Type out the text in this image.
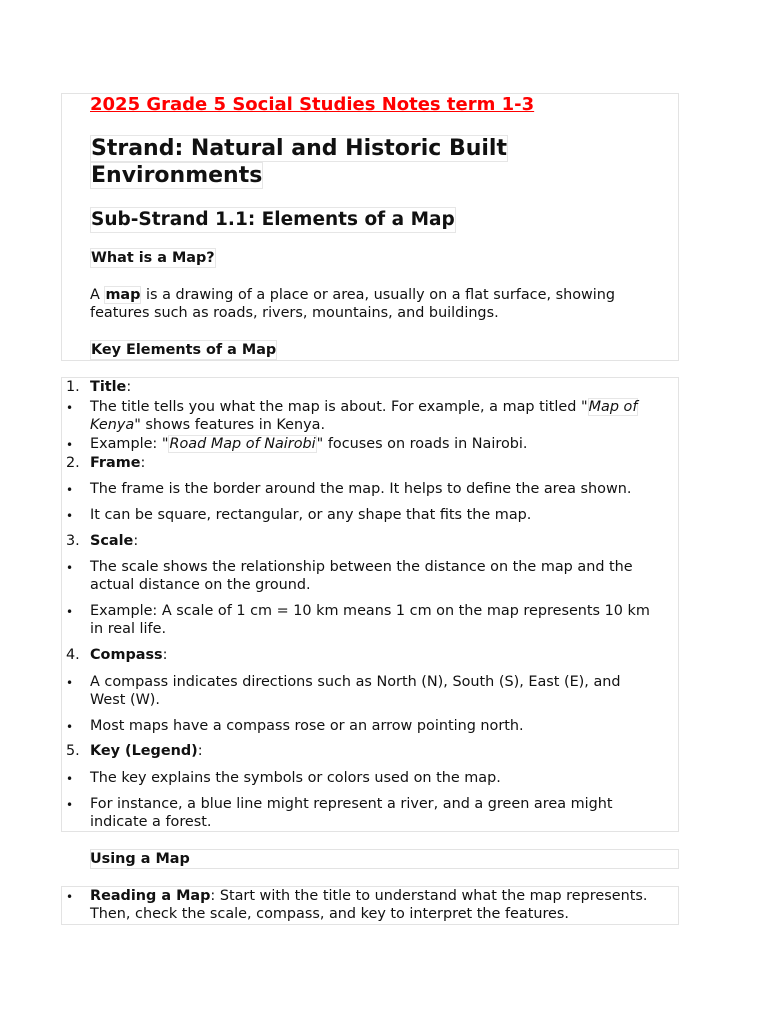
2025 Grade 5 Social Studies Notes term 1-3
Strand: Natural and Historic Built
Environments
Sub-Strand 1.1: Elements of a Map
What is a Map?
A map is a drawing of a place or area, usually on a flat surface, showing
features such as roads, rivers, mountains, and buildings.
Key Elements of a Map
1. Title:
• The title tells you what the map is about. For example, a map titled "Map of
Kenya" shows features in Kenya.
• Example: "Road Map of Nairobi" focuses on roads in Nairobi.
2. Frame:
• The frame is the border around the map. It helps to define the area shown.
• It can be square, rectangular, or any shape that fits the map.
3. Scale:
• The scale shows the relationship between the distance on the map and the
actual distance on the ground.
• Example: A scale of 1 cm = 10 km means 1 cm on the map represents 10 km
in real life.
4. Compass:
• A compass indicates directions such as North (N), South (S), East (E), and
West (W).
• Most maps have a compass rose or an arrow pointing north.
5. Key (Legend):
• The key explains the symbols or colors used on the map.
• For instance, a blue line might represent a river, and a green area might
indicate a forest.
Using a Map
• Reading a Map: Start with the title to understand what the map represents.
Then, check the scale, compass, and key to interpret the features.
